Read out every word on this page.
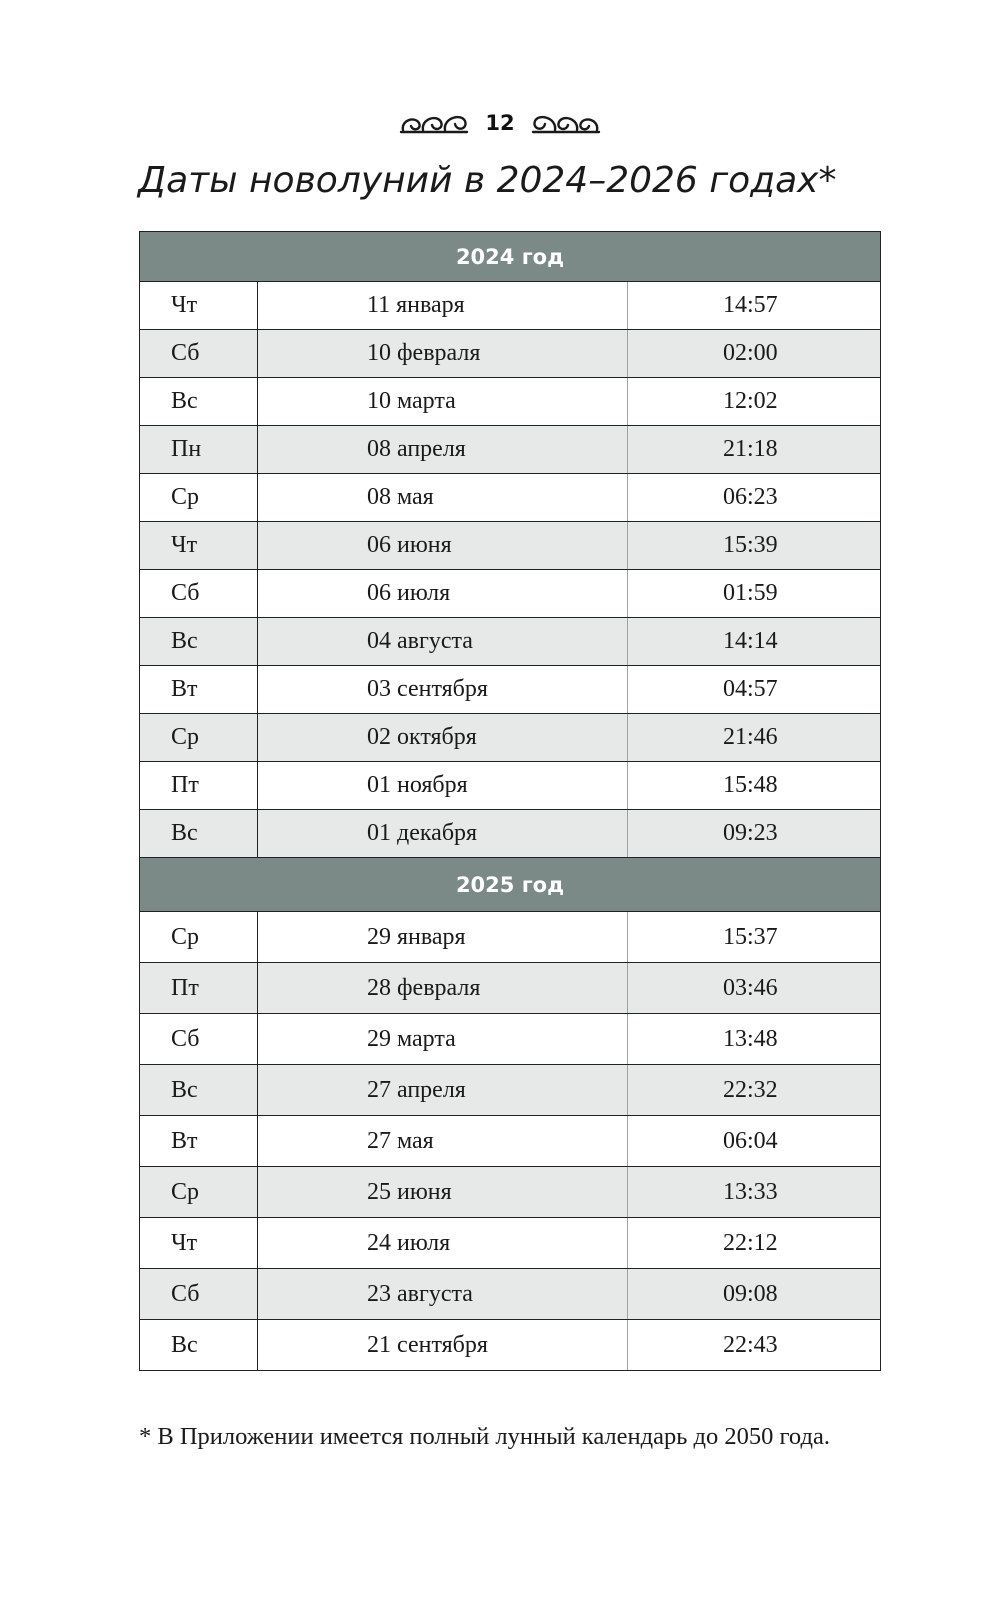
12
Даты новолуний в 2024–2026 годах*
2024 год		
Чт	11 января	14:57
Сб	10 февраля	02:00
Вс	10 марта	12:02
Пн	08 апреля	21:18
Ср	08 мая	06:23
Чт	06 июня	15:39
Сб	06 июля	01:59
Вс	04 августа	14:14
Вт	03 сентября	04:57
Ср	02 октября	21:46
Пт	01 ноября	15:48
Вс	01 декабря	09:23
2025 год		
Ср	29 января	15:37
Пт	28 февраля	03:46
Сб	29 марта	13:48
Вс	27 апреля	22:32
Вт	27 мая	06:04
Ср	25 июня	13:33
Чт	24 июля	22:12
Сб	23 августа	09:08
Вс	21 сентября	22:43

* В Приложении имеется полный лунный календарь до 2050 года.
